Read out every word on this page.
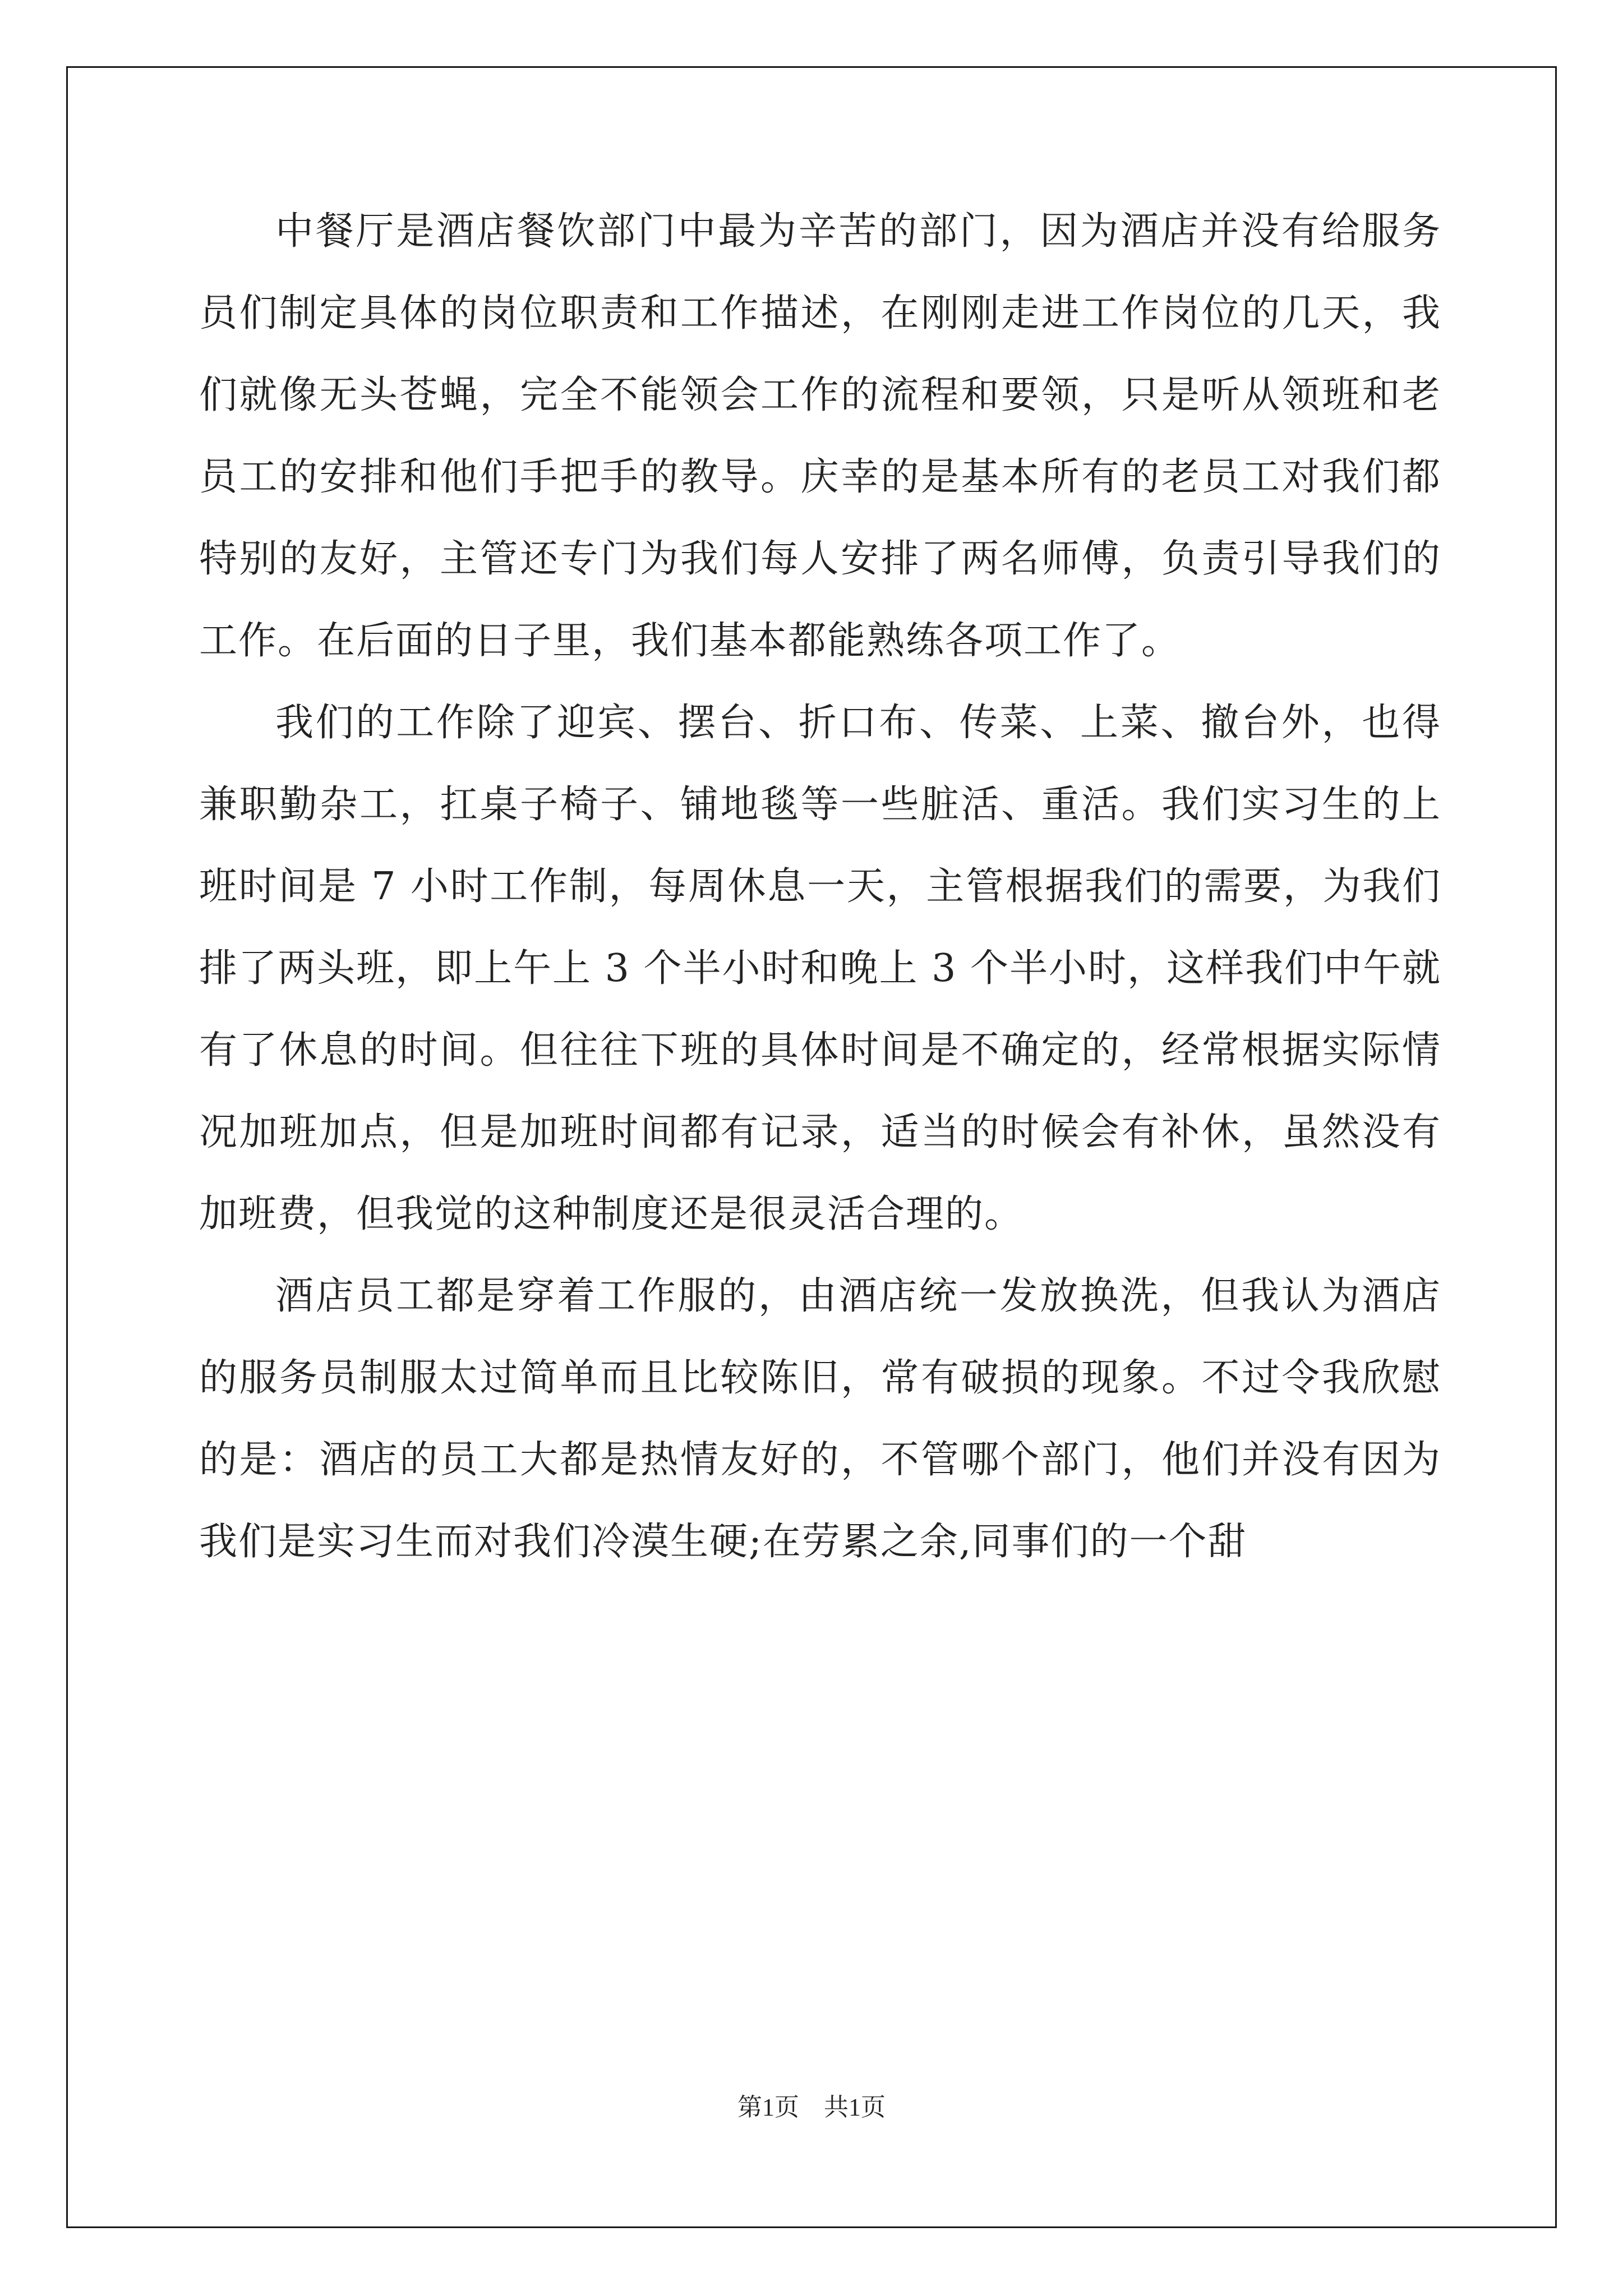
中餐厅是酒店餐饮部门中最为辛苦的部门，因为酒店并没有给服务员们制定具体的岗位职责和工作描述，在刚刚走进工作岗位的几天，我们就像无头苍蝇，完全不能领会工作的流程和要领，只是听从领班和老员工的安排和他们手把手的教导。庆幸的是基本所有的老员工对我们都特别的友好，主管还专门为我们每人安排了两名师傅，负责引导我们的工作。在后面的日子里，我们基本都能熟练各项工作了。

我们的工作除了迎宾、摆台、折口布、传菜、上菜、撤台外，也得兼职勤杂工，扛桌子椅子、铺地毯等一些脏活、重活。我们实习生的上班时间是 7 小时工作制，每周休息一天，主管根据我们的需要，为我们排了两头班，即上午上 3 个半小时和晚上 3 个半小时，这样我们中午就有了休息的时间。但往往下班的具体时间是不确定的，经常根据实际情况加班加点，但是加班时间都有记录，适当的时候会有补休，虽然没有加班费，但我觉的这种制度还是很灵活合理的。

酒店员工都是穿着工作服的，由酒店统一发放换洗，但我认为酒店的服务员制服太过简单而且比较陈旧，常有破损的现象。不过令我欣慰的是：酒店的员工大都是热情友好的，不管哪个部门，他们并没有因为我们是实习生而对我们冷漠生硬;在劳累之余,同事们的一个甜

第1页 共1页
